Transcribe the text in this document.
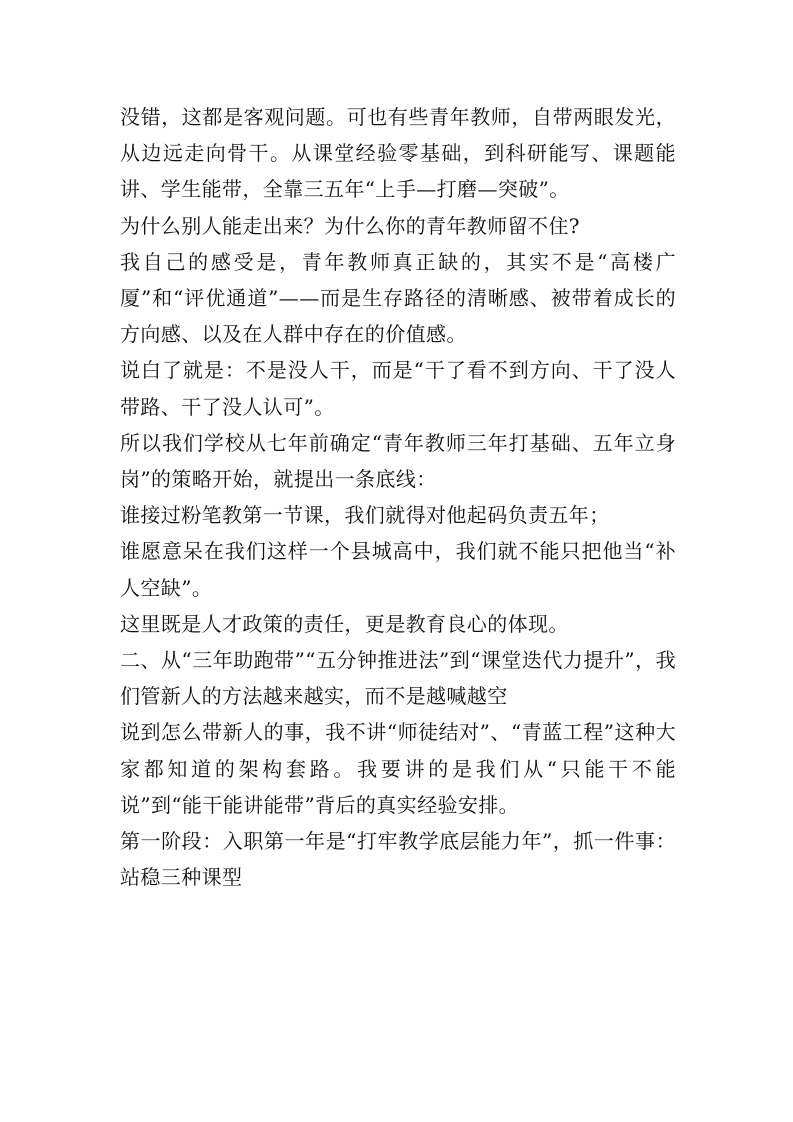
没错，这都是客观问题。可也有些青年教师，自带两眼发光，从边远走向骨干。从课堂经验零基础，到科研能写、课题能讲、学生能带，全靠三五年“上手—打磨—突破”。

为什么别人能走出来？为什么你的青年教师留不住?

我自己的感受是，青年教师真正缺的，其实不是“高楼广厦”和“评优通道”——而是生存路径的清晰感、被带着成长的方向感、以及在人群中存在的价值感。

说白了就是：不是没人干，而是“干了看不到方向、干了没人带路、干了没人认可”。

所以我们学校从七年前确定“青年教师三年打基础、五年立身岗”的策略开始，就提出一条底线：

谁接过粉笔教第一节课，我们就得对他起码负责五年；

谁愿意呆在我们这样一个县城高中，我们就不能只把他当“补人空缺”。

这里既是人才政策的责任，更是教育良心的体现。

二、从“三年助跑带”“五分钟推进法”到“课堂迭代力提升”，我们管新人的方法越来越实，而不是越喊越空

说到怎么带新人的事，我不讲“师徒结对”、“青蓝工程”这种大家都知道的架构套路。我要讲的是我们从“只能干不能说”到“能干能讲能带”背后的真实经验安排。

第一阶段：入职第一年是“打牢教学底层能力年”，抓一件事：站稳三种课型
